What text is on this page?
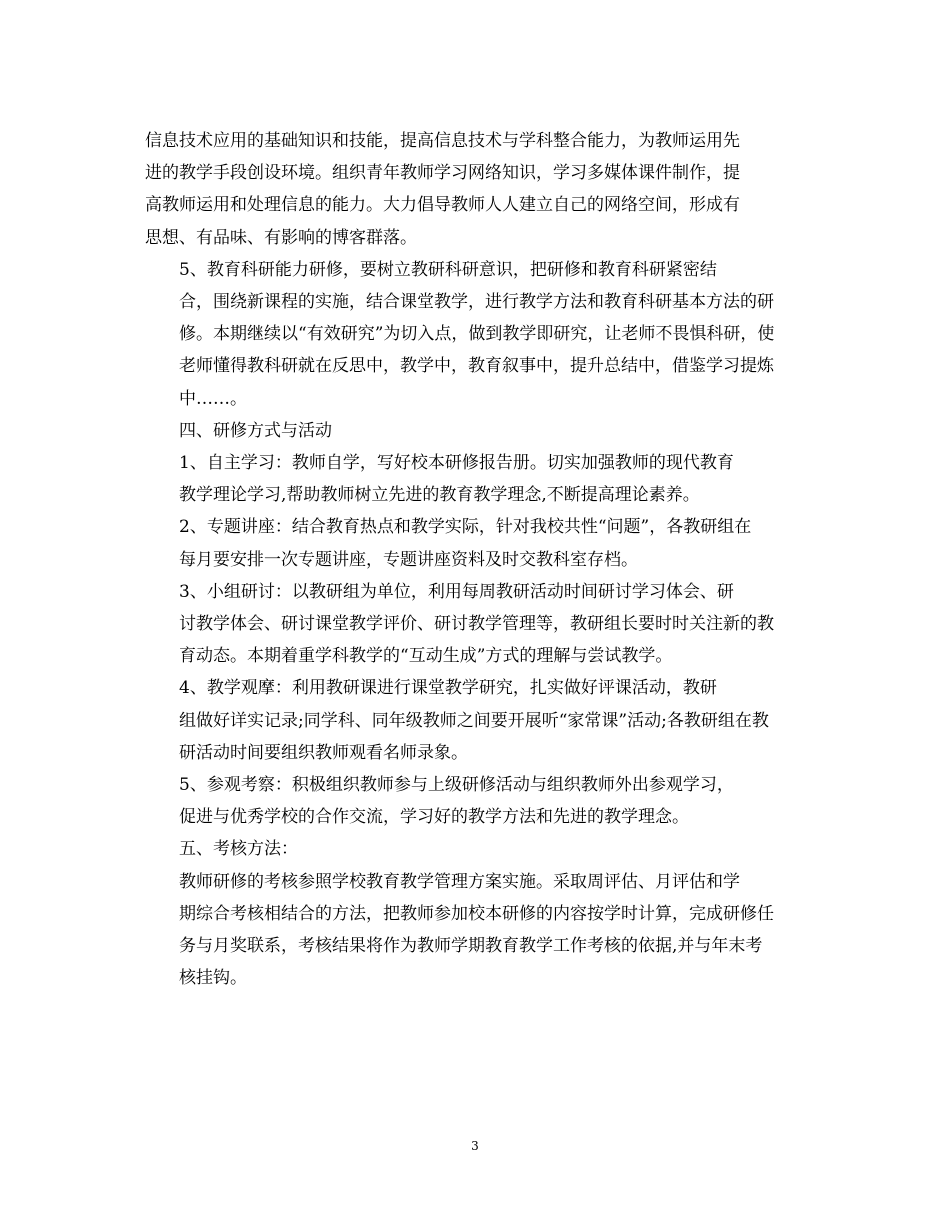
信息技术应用的基础知识和技能，提高信息技术与学科整合能力，为教师运用先
进的教学手段创设环境。组织青年教师学习网络知识，学习多媒体课件制作，提
高教师运用和处理信息的能力。大力倡导教师人人建立自己的网络空间，形成有
思想、有品味、有影响的博客群落。

5、教育科研能力研修，要树立教研科研意识，把研修和教育科研紧密结
合，围绕新课程的实施，结合课堂教学，进行教学方法和教育科研基本方法的研
修。本期继续以“有效研究”为切入点，做到教学即研究，让老师不畏惧科研，使
老师懂得教科研就在反思中，教学中，教育叙事中，提升总结中，借鉴学习提炼
中……。

四、研修方式与活动

1、自主学习：教师自学，写好校本研修报告册。切实加强教师的现代教育
教学理论学习,帮助教师树立先进的教育教学理念,不断提高理论素养。

2、专题讲座：结合教育热点和教学实际，针对我校共性“问题”，各教研组在
每月要安排一次专题讲座，专题讲座资料及时交教科室存档。

3、小组研讨：以教研组为单位，利用每周教研活动时间研讨学习体会、研
讨教学体会、研讨课堂教学评价、研讨教学管理等，教研组长要时时关注新的教
育动态。本期着重学科教学的“互动生成”方式的理解与尝试教学。

4、教学观摩：利用教研课进行课堂教学研究，扎实做好评课活动，教研
组做好详实记录;同学科、同年级教师之间要开展听“家常课”活动;各教研组在教
研活动时间要组织教师观看名师录象。

5、参观考察：积极组织教师参与上级研修活动与组织教师外出参观学习，
促进与优秀学校的合作交流，学习好的教学方法和先进的教学理念。

五、考核方法：

教师研修的考核参照学校教育教学管理方案实施。采取周评估、月评估和学
期综合考核相结合的方法，把教师参加校本研修的内容按学时计算，完成研修任
务与月奖联系，考核结果将作为教师学期教育教学工作考核的依据,并与年末考
核挂钩。

3
